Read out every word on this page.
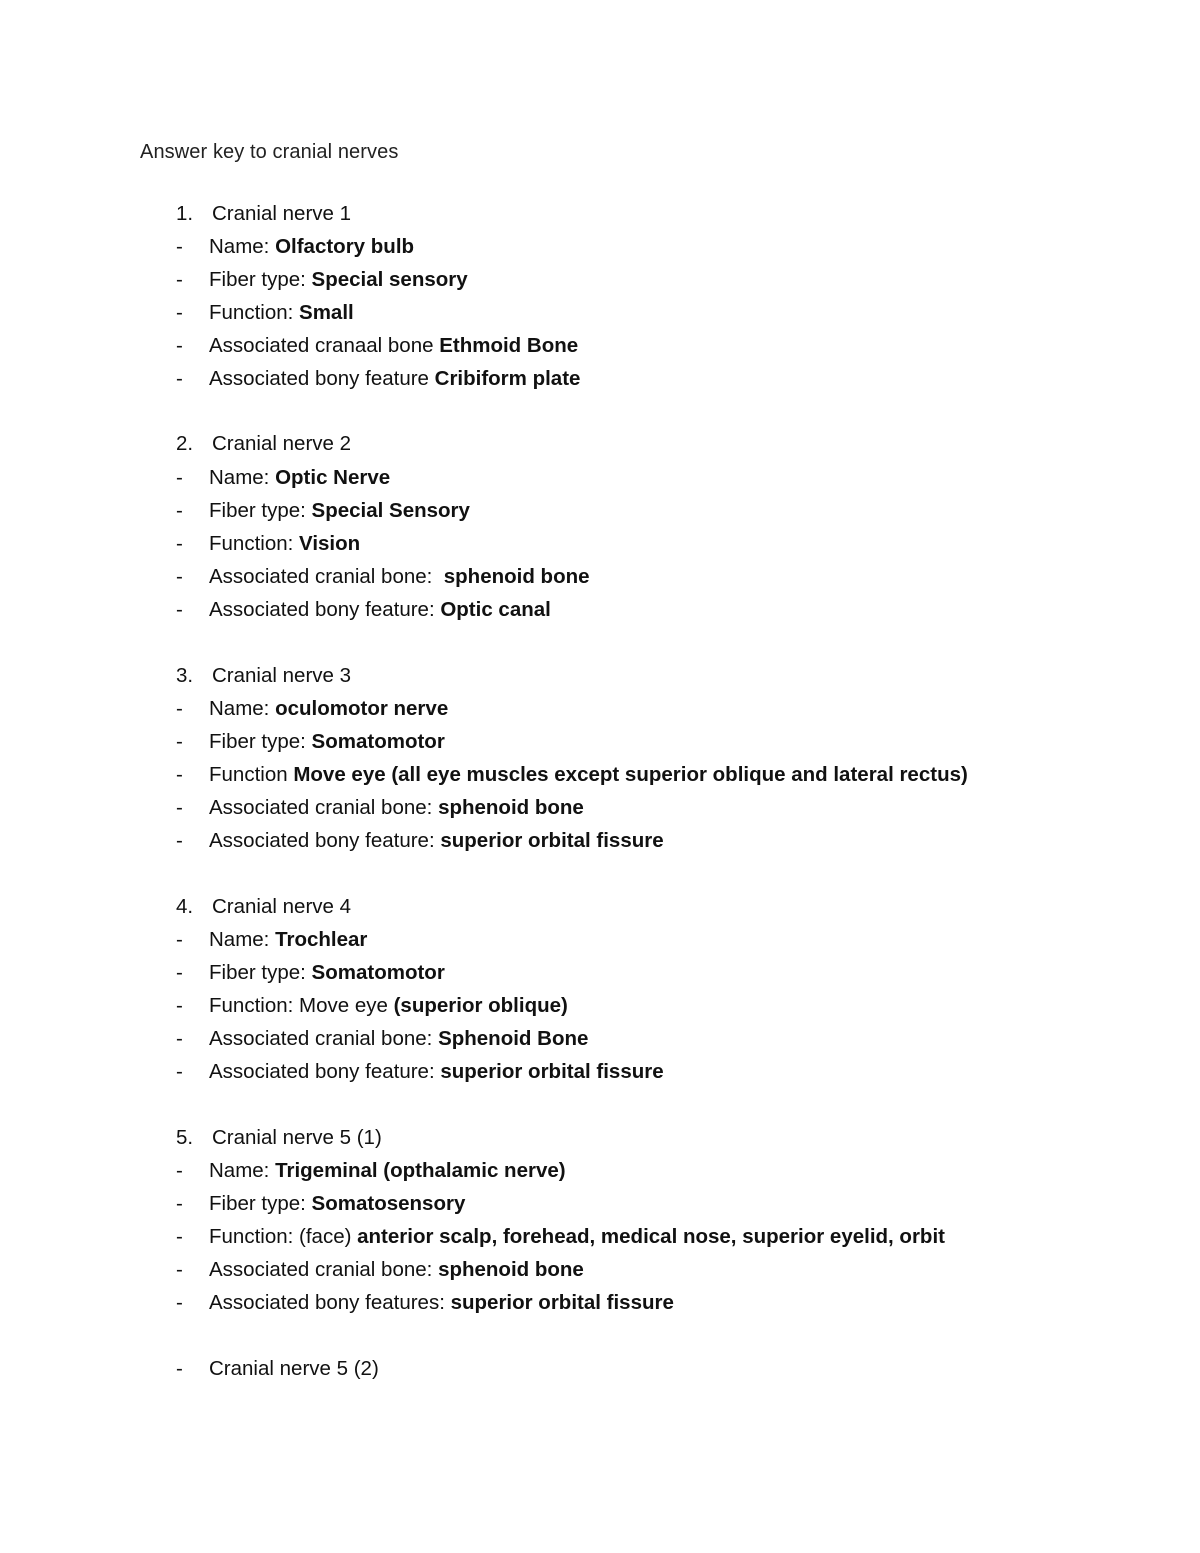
Answer key to cranial nerves
1. Cranial nerve 1
-	Name: Olfactory bulb
-	Fiber type: Special sensory
-	Function: Small
-	Associated cranaal bone Ethmoid Bone
-	Associated bony feature Cribiform plate
2. Cranial nerve 2
-	Name: Optic Nerve
-	Fiber type: Special Sensory
-	Function: Vision
-	Associated cranial bone:  sphenoid bone
-	Associated bony feature: Optic canal
3. Cranial nerve 3
-	Name: oculomotor nerve
-	Fiber type: Somatomotor
-	Function Move eye (all eye muscles except superior oblique and lateral rectus)
-	Associated cranial bone: sphenoid bone
-	Associated bony feature: superior orbital fissure
4. Cranial nerve 4
-	Name: Trochlear
-	Fiber type: Somatomotor
-	Function: Move eye (superior oblique)
-	Associated cranial bone: Sphenoid Bone
-	Associated bony feature: superior orbital fissure
5. Cranial nerve 5 (1)
-	Name: Trigeminal (opthalamic nerve)
-	Fiber type: Somatosensory
-	Function: (face) anterior scalp, forehead, medical nose, superior eyelid, orbit
-	Associated cranial bone: sphenoid bone
-	Associated bony features: superior orbital fissure
-	Cranial nerve 5 (2)
